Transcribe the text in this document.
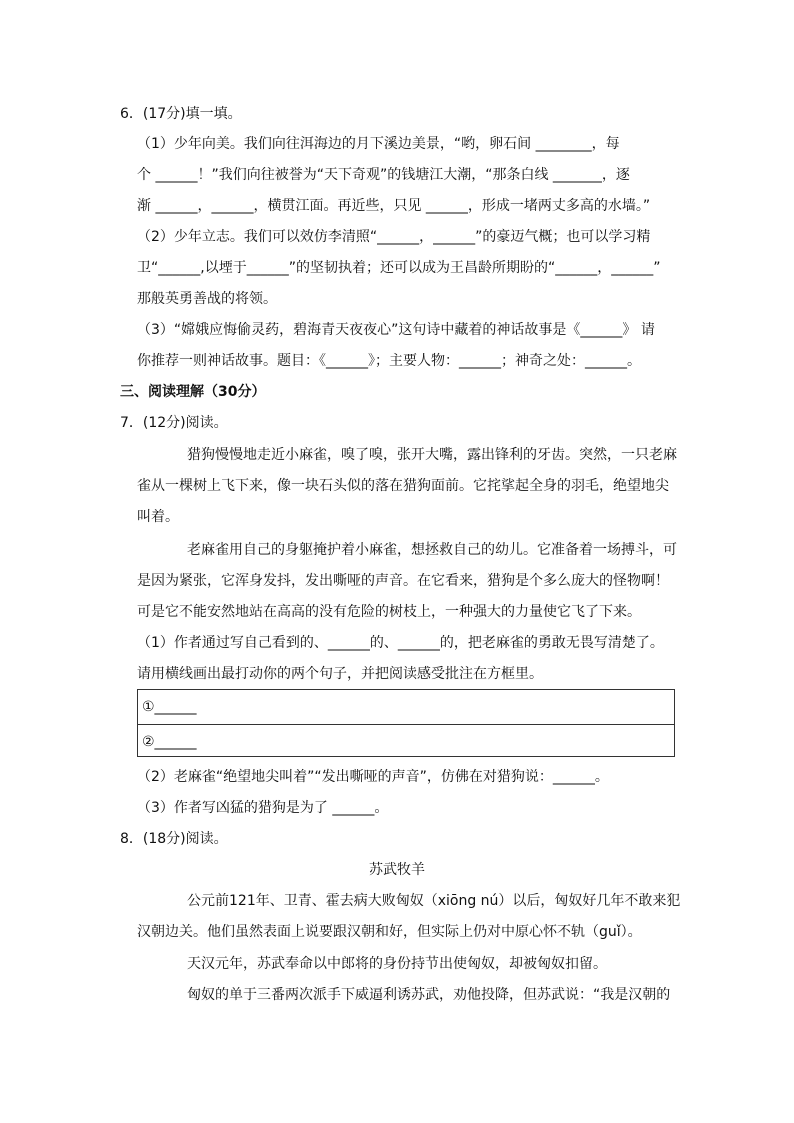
6．(17分)填一填。
（1）少年向美。我们向往洱海边的月下溪边美景，“哟，卵石间 ________，每
个 ______！”我们向往被誉为“天下奇观”的钱塘江大潮，“那条白线 _______，逐
渐 ______，______，横贯江面。再近些，只见 ______，形成一堵两丈多高的水墙。”
（2）少年立志。我们可以效仿李清照“______，______”的豪迈气概；也可以学习精
卫“______,以堙于______”的坚韧执着；还可以成为王昌龄所期盼的“______，______”
那般英勇善战的将领。
（3）“嫦娥应悔偷灵药，碧海青天夜夜心”这句诗中藏着的神话故事是《______》 请
你推荐一则神话故事。题目：《______》；主要人物：______；神奇之处：______。
三、阅读理解（30分）
7．(12分)阅读。
猎狗慢慢地走近小麻雀，嗅了嗅，张开大嘴，露出锋利的牙齿。突然，一只老麻
雀从一棵树上飞下来，像一块石头似的落在猎狗面前。它挓挲起全身的羽毛，绝望地尖
叫着。
老麻雀用自己的身躯掩护着小麻雀，想拯救自己的幼儿。它准备着一场搏斗，可
是因为紧张，它浑身发抖，发出嘶哑的声音。在它看来，猎狗是个多么庞大的怪物啊！
可是它不能安然地站在高高的没有危险的树枝上，一种强大的力量使它飞了下来。
（1）作者通过写自己看到的、______的、______的，把老麻雀的勇敢无畏写清楚了。
请用横线画出最打动你的两个句子，并把阅读感受批注在方框里。
①______
②______
（2）老麻雀“绝望地尖叫着”“发出嘶哑的声音”，仿佛在对猎狗说：______。
（3）作者写凶猛的猎狗是为了 ______。
8．(18分)阅读。
苏武牧羊
公元前121年、卫青、霍去病大败匈奴（xiōng nú）以后，匈奴好几年不敢来犯
汉朝边关。他们虽然表面上说要跟汉朝和好，但实际上仍对中原心怀不轨（guǐ）。
天汉元年，苏武奉命以中郎将的身份持节出使匈奴，却被匈奴扣留。
匈奴的单于三番两次派手下威逼利诱苏武，劝他投降，但苏武说：“我是汉朝的
